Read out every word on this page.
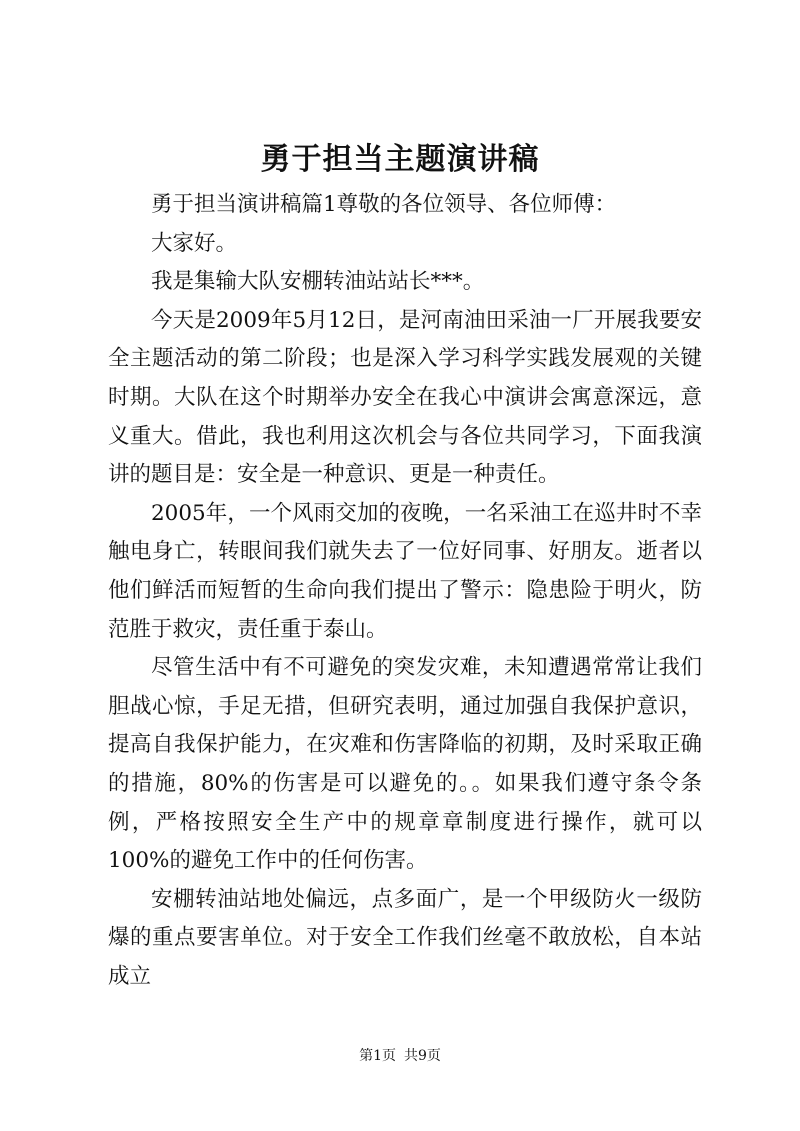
勇于担当主题演讲稿

勇于担当演讲稿篇1尊敬的各位领导、各位师傅：

大家好。

我是集输大队安棚转油站站长***。

今天是2009年5月12日，是河南油田采油一厂开展我要安全主题活动的第二阶段；也是深入学习科学实践发展观的关键时期。大队在这个时期举办安全在我心中演讲会寓意深远，意义重大。借此，我也利用这次机会与各位共同学习，下面我演讲的题目是：安全是一种意识、更是一种责任。

2005年，一个风雨交加的夜晚，一名采油工在巡井时不幸触电身亡，转眼间我们就失去了一位好同事、好朋友。逝者以他们鲜活而短暂的生命向我们提出了警示：隐患险于明火，防范胜于救灾，责任重于泰山。

尽管生活中有不可避免的突发灾难，未知遭遇常常让我们胆战心惊，手足无措，但研究表明，通过加强自我保护意识，提高自我保护能力，在灾难和伤害降临的初期，及时采取正确的措施，80%的伤害是可以避免的。。如果我们遵守条令条例，严格按照安全生产中的规章章制度进行操作，就可以100%的避免工作中的任何伤害。

安棚转油站地处偏远，点多面广，是一个甲级防火一级防爆的重点要害单位。对于安全工作我们丝毫不敢放松，自本站成立

第1页 共9页
